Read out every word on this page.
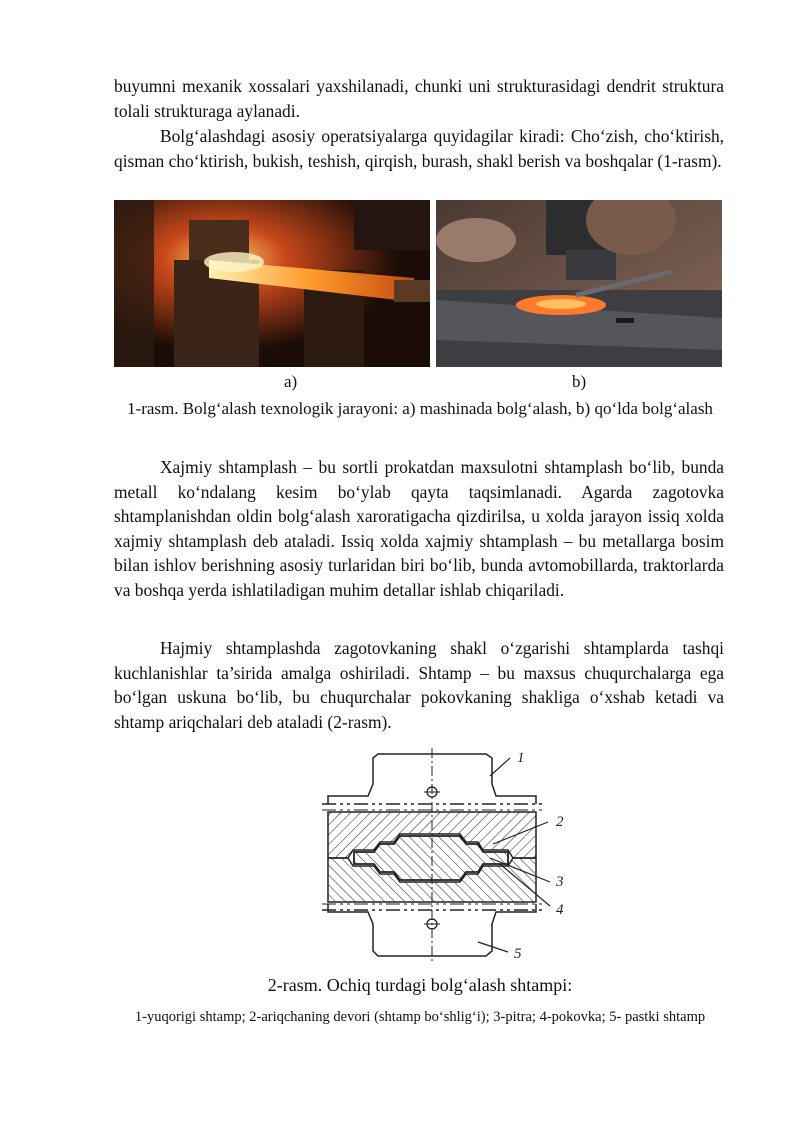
buyumni mexanik xossalari yaxshilanadi, chunki uni strukturasidagi dendrit struktura tolali strukturaga aylanadi.

Bolg‘alashdagi asosiy operatsiyalarga quyidagilar kiradi: Cho‘zish, cho‘ktirish, qisman cho‘ktirish, bukish, teshish, qirqish, burash, shakl berish va boshqalar (1-rasm).

a)	b)

1-rasm. Bolg‘alash texnologik jarayoni: a) mashinada bolg‘alash, b) qo‘lda bolg‘alash

Xajmiy shtamplash – bu sortli prokatdan maxsulotni shtamplash bo‘lib, bunda metall ko‘ndalang kesim bo‘ylab qayta taqsimlanadi. Agarda zagotovka shtamplanishdan oldin bolg‘alash xaroratigacha qizdirilsa, u xolda jarayon issiq xolda xajmiy shtamplash deb ataladi. Issiq xolda xajmiy shtamplash – bu metallarga bosim bilan ishlov berishning asosiy turlaridan biri bo‘lib, bunda avtomobillarda, traktorlarda va boshqa yerda ishlatiladigan muhim detallar ishlab chiqariladi.

Hajmiy shtamplashda zagotovkaning shakl o‘zgarishi shtamplarda tashqi kuchlanishlar ta’sirida amalga oshiriladi. Shtamp – bu maxsus chuqurchalarga ega bo‘lgan uskuna bo‘lib, bu chuqurchalar pokovkaning shakliga o‘xshab ketadi va shtamp ariqchalari deb ataladi (2-rasm).

1
2
3
4
5

2-rasm. Ochiq turdagi bolg‘alash shtampi:

1-yuqorigi shtamp; 2-ariqchaning devori (shtamp bo‘shlig‘i); 3-pitra; 4-pokovka; 5- pastki shtamp
